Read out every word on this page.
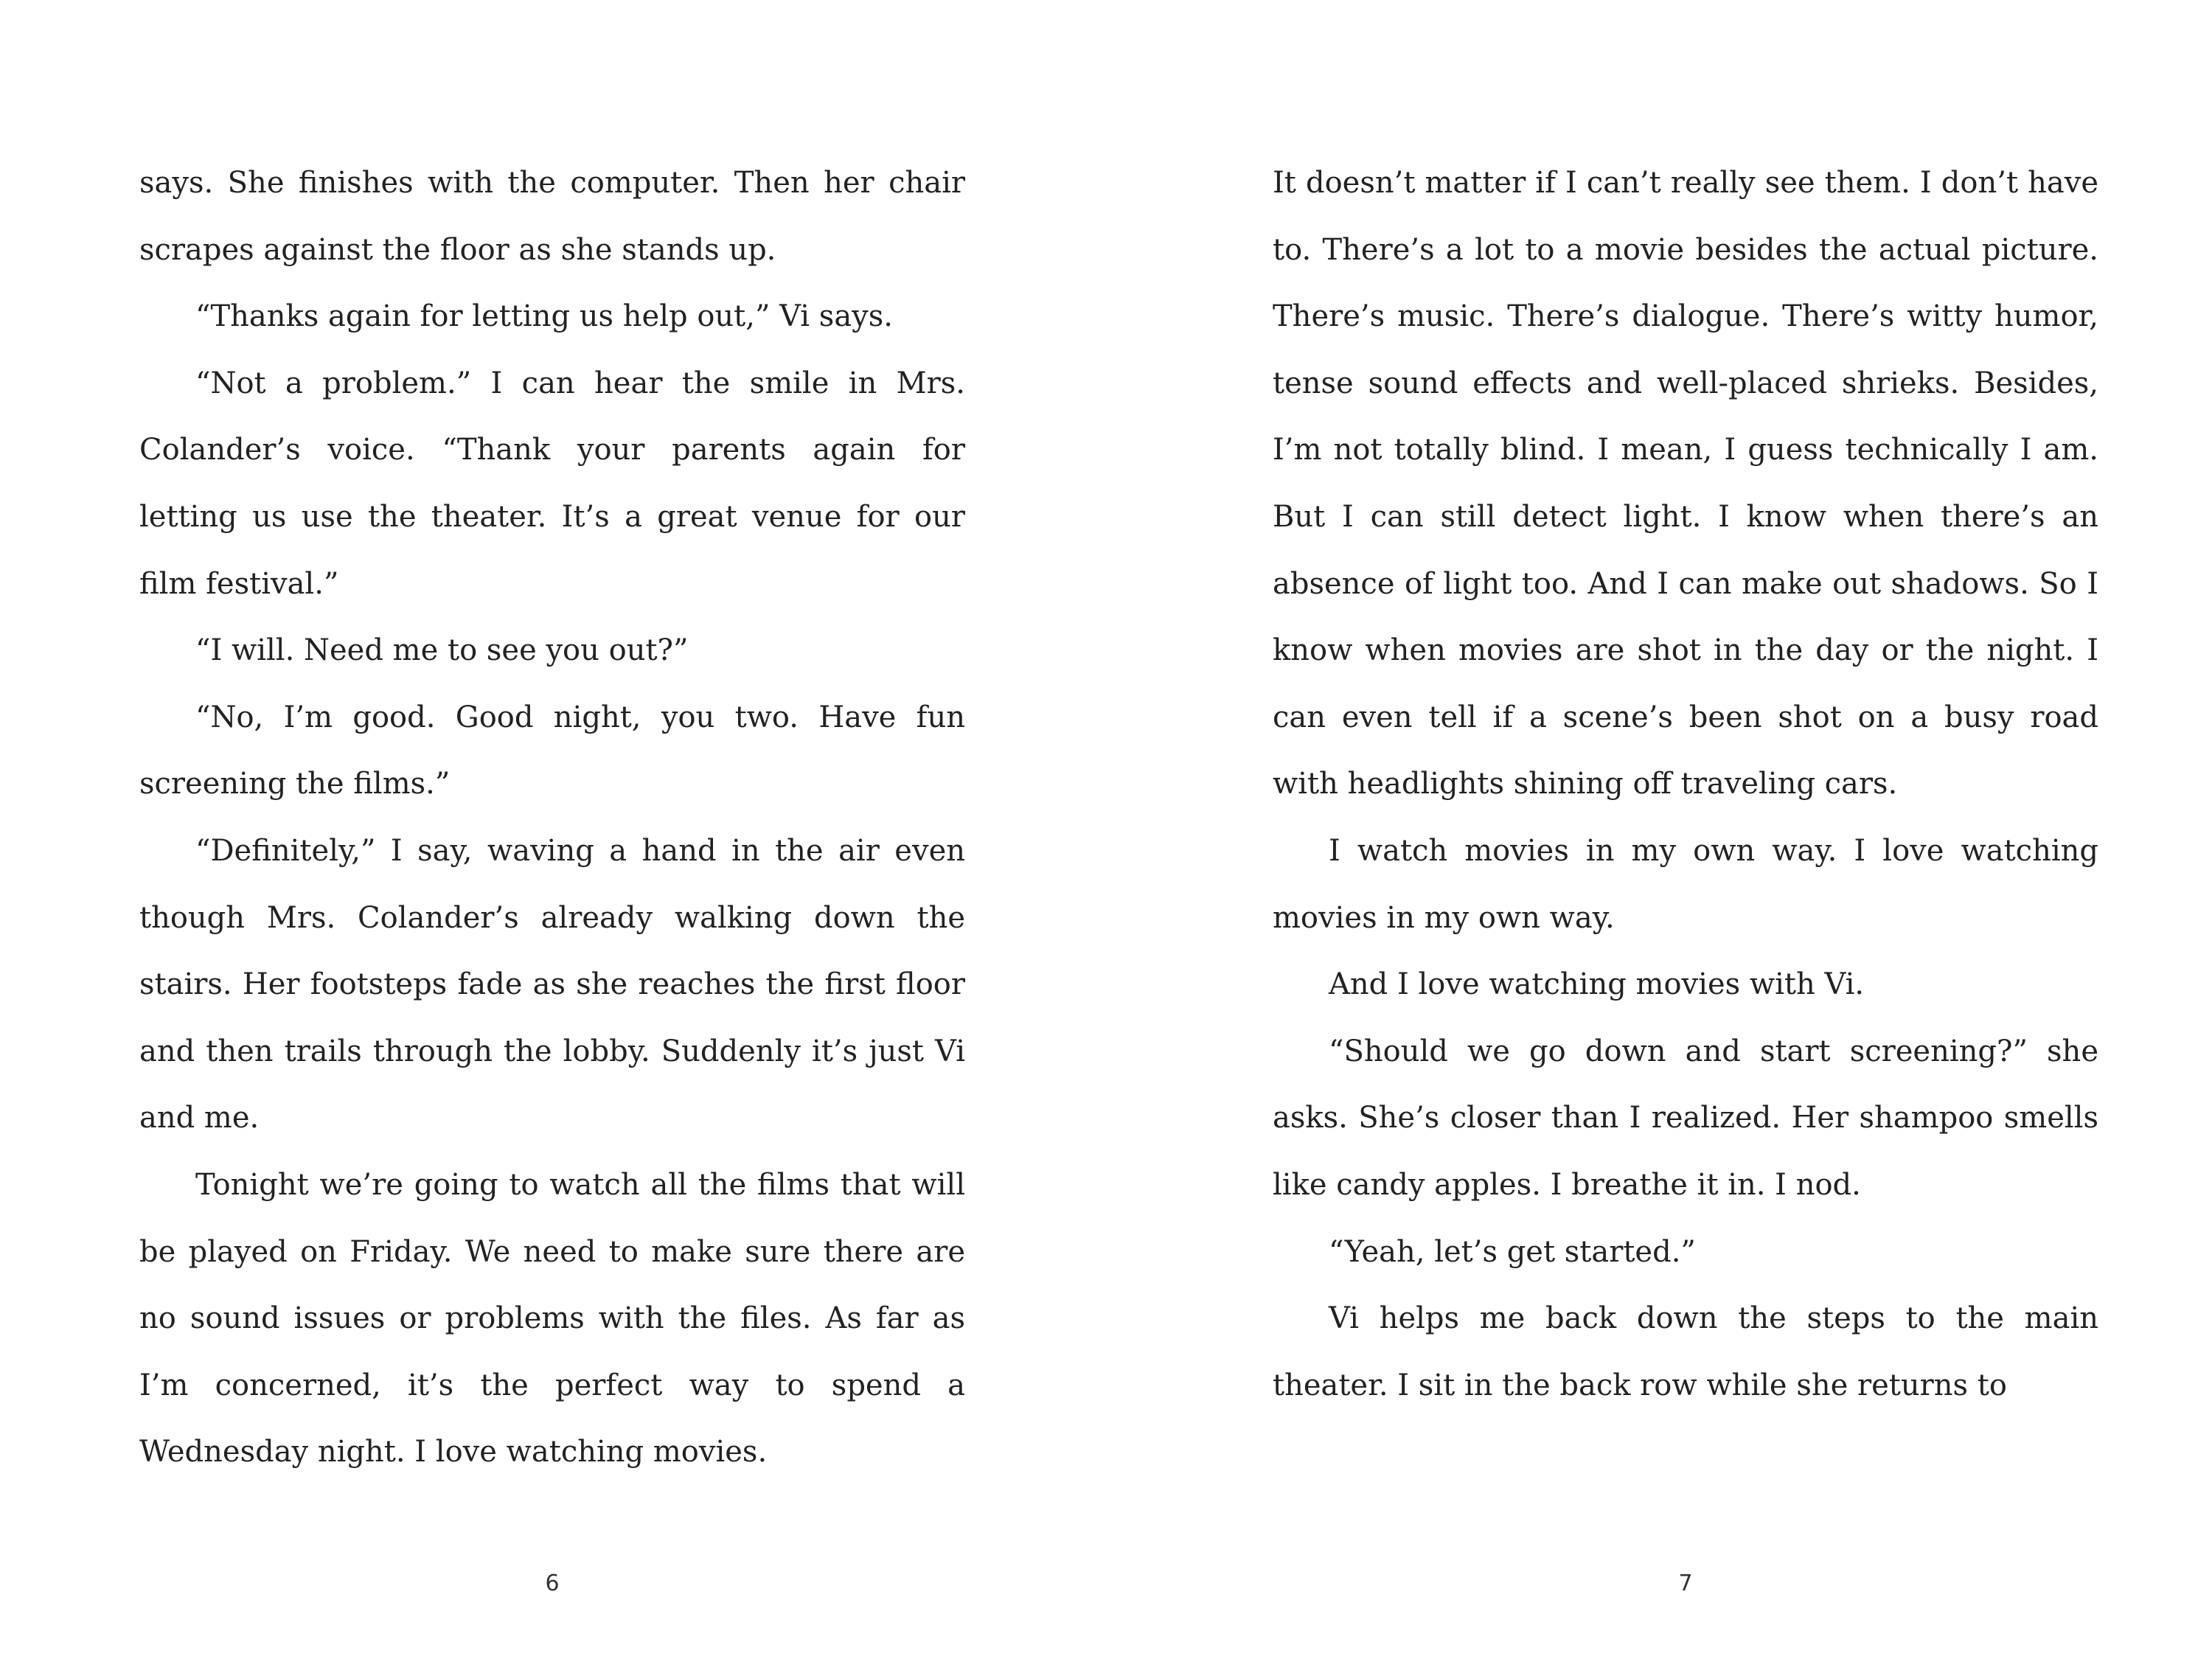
says. She finishes with the computer. Then her chair scrapes against the floor as she stands up.

“Thanks again for letting us help out,” Vi says.

“Not a problem.” I can hear the smile in Mrs. Colander’s voice. “Thank your parents again for letting us use the theater. It’s a great venue for our film festival.”

“I will. Need me to see you out?”

“No, I’m good. Good night, you two. Have fun screening the films.”

“Definitely,” I say, waving a hand in the air even though Mrs. Colander’s already walking down the stairs. Her footsteps fade as she reaches the first floor and then trails through the lobby. Suddenly it’s just Vi and me.

Tonight we’re going to watch all the films that will be played on Friday. We need to make sure there are no sound issues or problems with the files. As far as I’m concerned, it’s the perfect way to spend a Wednesday night. I love watching movies.

6

It doesn’t matter if I can’t really see them. I don’t have to. There’s a lot to a movie besides the actual picture. There’s music. There’s dialogue. There’s witty humor, tense sound effects and well-placed shrieks. Besides, I’m not totally blind. I mean, I guess technically I am. But I can still detect light. I know when there’s an absence of light too. And I can make out shadows. So I know when movies are shot in the day or the night. I can even tell if a scene’s been shot on a busy road with headlights shining off traveling cars.

I watch movies in my own way. I love watching movies in my own way.

And I love watching movies with Vi.

“Should we go down and start screening?” she asks. She’s closer than I realized. Her shampoo smells like candy apples. I breathe it in. I nod.

“Yeah, let’s get started.”

Vi helps me back down the steps to the main theater. I sit in the back row while she returns to

7
